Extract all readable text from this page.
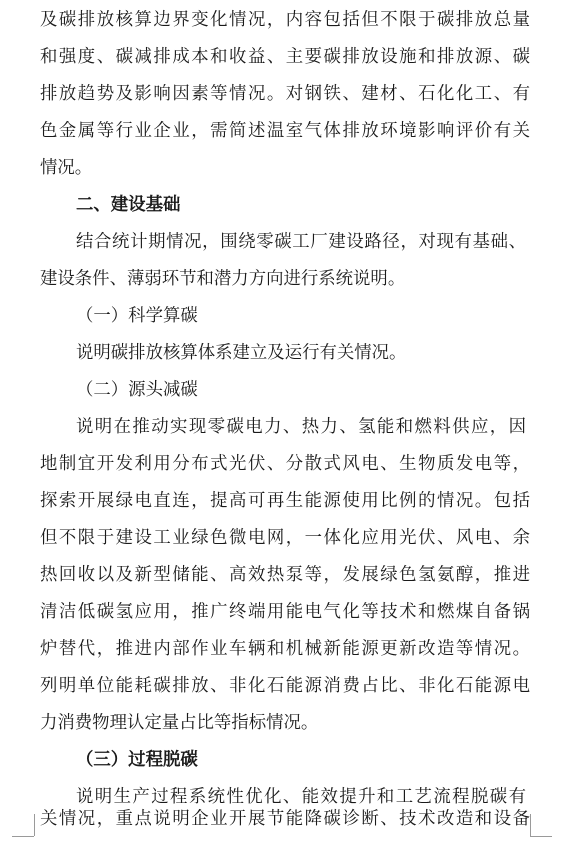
及碳排放核算边界变化情况，内容包括但不限于碳排放总量
和强度、碳减排成本和收益、主要碳排放设施和排放源、碳
排放趋势及影响因素等情况。对钢铁、建材、石化化工、有
色金属等行业企业，需简述温室气体排放环境影响评价有关
情况。
二、建设基础
结合统计期情况，围绕零碳工厂建设路径，对现有基础、
建设条件、薄弱环节和潜力方向进行系统说明。
（一）科学算碳
说明碳排放核算体系建立及运行有关情况。
（二）源头减碳
说明在推动实现零碳电力、热力、氢能和燃料供应，因
地制宜开发利用分布式光伏、分散式风电、生物质发电等，
探索开展绿电直连，提高可再生能源使用比例的情况。包括
但不限于建设工业绿色微电网，一体化应用光伏、风电、余
热回收以及新型储能、高效热泵等，发展绿色氢氨醇，推进
清洁低碳氢应用，推广终端用能电气化等技术和燃煤自备锅
炉替代，推进内部作业车辆和机械新能源更新改造等情况。
列明单位能耗碳排放、非化石能源消费占比、非化石能源电
力消费物理认定量占比等指标情况。
（三）过程脱碳
说明生产过程系统性优化、能效提升和工艺流程脱碳有
关情况，重点说明企业开展节能降碳诊断、技术改造和设备
